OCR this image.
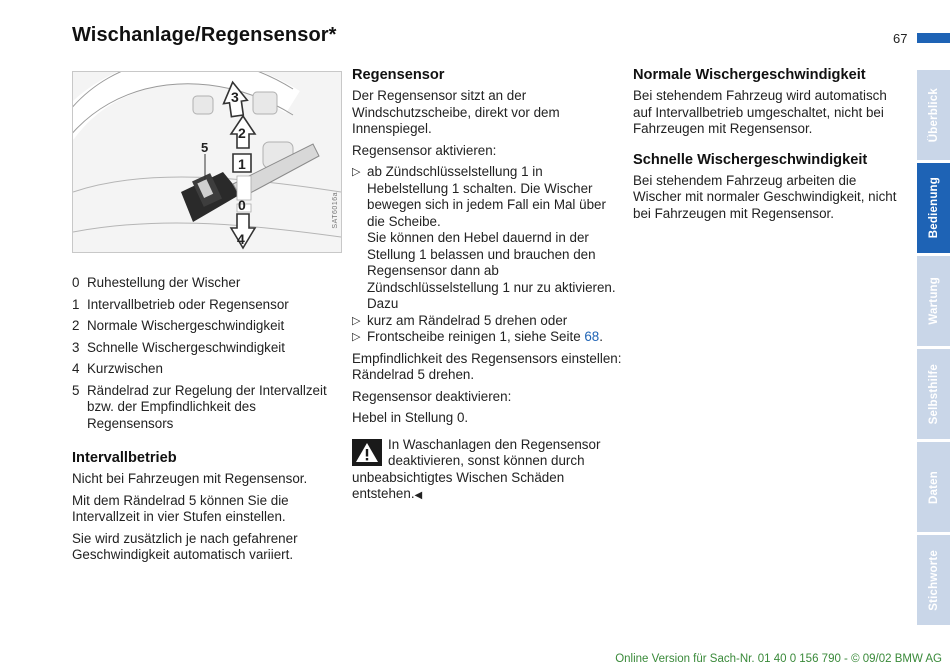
Wischanlage/Regensensor*	67
3
2
1
0
4
5
SAT6016a
0 Ruhestellung der Wischer
1 Intervallbetrieb oder Regensensor
2 Normale Wischergeschwindigkeit
3 Schnelle Wischergeschwindigkeit
4 Kurzwischen
5 Rändelrad zur Regelung der Intervallzeit bzw. der Empfindlichkeit des Regensensors
Intervallbetrieb

Nicht bei Fahrzeugen mit Regensensor.

Mit dem Rändelrad 5 können Sie die Intervallzeit in vier Stufen einstellen.

Sie wird zusätzlich je nach gefahrener Geschwindigkeit automatisch variiert.

Regensensor

Der Regensensor sitzt an der Windschutzscheibe, direkt vor dem Innenspiegel.

Regensensor aktivieren:

▷ ab Zündschlüsselstellung 1 in Hebelstellung 1 schalten. Die Wischer bewegen sich in jedem Fall ein Mal über die Scheibe.
Sie können den Hebel dauernd in der Stellung 1 belassen und brauchen den Regensensor dann ab Zündschlüsselstellung 1 nur zu aktivieren. Dazu
▷ kurz am Rändelrad 5 drehen oder
▷ Frontscheibe reinigen 1, siehe Seite 68.

Empfindlichkeit des Regensensors einstellen: Rändelrad 5 drehen.

Regensensor deaktivieren:

Hebel in Stellung 0.

In Waschanlagen den Regensensor deaktivieren, sonst können durch unbeabsichtigtes Wischen Schäden entstehen.◀
Normale Wischergeschwindigkeit

Bei stehendem Fahrzeug wird automatisch auf Intervallbetrieb umgeschaltet, nicht bei Fahrzeugen mit Regensensor.

Schnelle Wischergeschwindigkeit

Bei stehendem Fahrzeug arbeiten die Wischer mit normaler Geschwindigkeit, nicht bei Fahrzeugen mit Regensensor.

Überblick
Bedienung
Wartung
Selbsthilfe
Daten
Stichworte
Online Version für Sach-Nr. 01 40 0 156 790 - © 09/02 BMW AG
